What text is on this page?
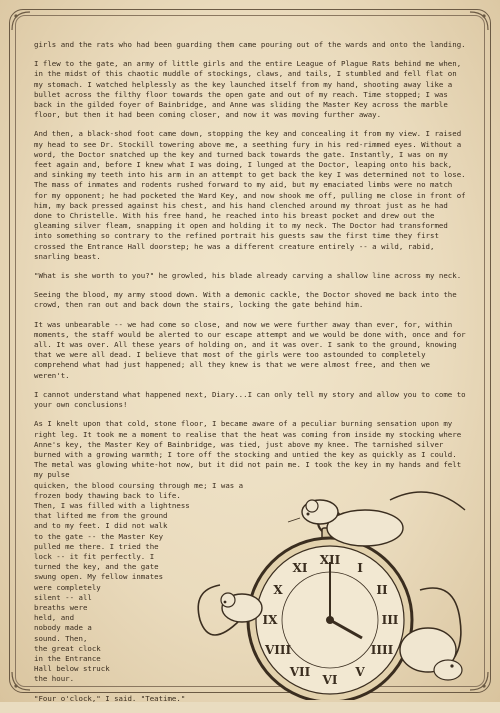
girls and the rats who had been guarding them came pouring out of the wards and onto the landing.

I flew to the gate, an army of little girls and the entire League of Plague Rats behind me when, in the midst of this chaotic muddle of stockings, claws, and tails, I stumbled and fell flat on my stomach. I watched helplessly as the key launched itself from my hand, shooting away like a bullet across the filthy floor towards the open gate and out of my reach. Time stopped; I was back in the gilded foyer of Bainbridge, and Anne was sliding the Master Key across the marble floor, but then it had been coming closer, and now it was moving further away.

And then, a black-shod foot came down, stopping the key and concealing it from my view. I raised my head to see Dr. Stockill towering above me, a seething fury in his red-rimmed eyes. Without a word, the Doctor snatched up the key and turned back towards the gate. Instantly, I was on my feet again and, before I knew what I was doing, I lunged at the Doctor, leaping onto his back, and sinking my teeth into his arm in an attempt to get back the key I was determined not to lose. The mass of inmates and rodents rushed forward to my aid, but my emaciated limbs were no match for my opponent; he had pocketed the Ward Key, and now shook me off, pulling me close in front of him, my back pressed against his chest, and his hand clenched around my throat just as he had done to Christelle. With his free hand, he reached into his breast pocket and drew out the gleaming silver fleam, snapping it open and holding it to my neck. The Doctor had transformed into something so contrary to the refined portrait his guests saw the first time they first crossed the Entrance Hall doorstep; he was a different creature entirely -- a wild, rabid, snarling beast.

"What is she worth to you?" he growled, his blade already carving a shallow line across my neck.

Seeing the blood, my army stood down. With a demonic cackle, the Doctor shoved me back into the crowd, then ran out and back down the stairs, locking the gate behind him.

It was unbearable -- we had come so close, and now we were further away than ever, for, within moments, the staff would be alerted to our escape attempt and we would be done with, once and for all. It was over. All these years of holding on, and it was over. I sank to the ground, knowing that we were all dead. I believe that most of the girls were too astounded to completely comprehend what had just happened; all they knew is that we were almost free, and then we weren't.

I cannot understand what happened next, Diary...I can only tell my story and allow you to come to your own conclusions!

As I knelt upon that cold, stone floor, I became aware of a peculiar burning sensation upon my right leg. It took me a moment to realise that the heat was coming from inside my stocking where Anne's key, the Master Key of Bainbridge, was tied, just above my knee. The tarnished silver burned with a growing warmth; I tore off the stocking and untied the key as quickly as I could. The metal was glowing white-hot now, but it did not pain me. I took the key in my hands and felt my pulse

quicken, the blood coursing through me; I was a
frozen body thawing back to life.
Then, I was filled with a lightness
that lifted me from the ground
and to my feet. I did not walk
to the gate -- the Master Key
pulled me there. I tried the
lock -- it fit perfectly. I
turned the key, and the gate
swung open. My fellow inmates
were completely
silent -- all
breaths were
held, and
nobody made a
sound. Then,
the great clock
in the Entrance
Hall below struck
the hour.

"Four o'clock," I said. "Teatime."

XII
I
II
III
IIII
V
VI
VII
VIII
IX
X
XI
